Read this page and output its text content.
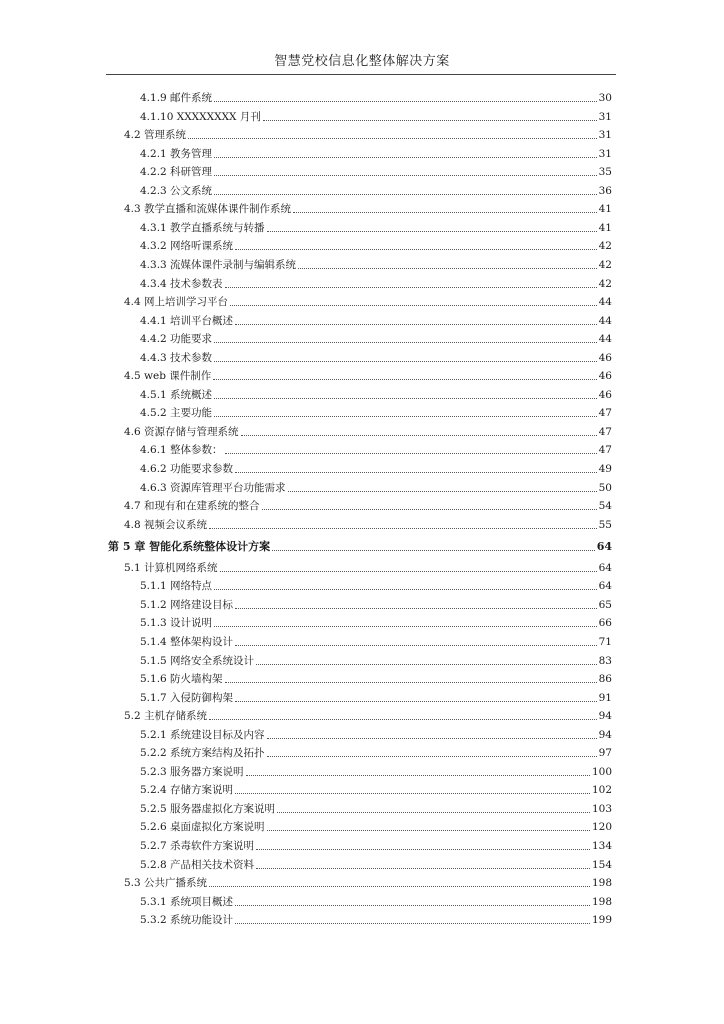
智慧党校信息化整体解决方案
4.1.9 邮件系统	30
4.1.10 XXXXXXXX 月刊	31
4.2 管理系统	31
4.2.1 教务管理	31
4.2.2 科研管理	35
4.2.3 公文系统	36
4.3 教学直播和流媒体课件制作系统	41
4.3.1 教学直播系统与转播	41
4.3.2 网络听课系统	42
4.3.3 流媒体课件录制与编辑系统	42
4.3.4 技术参数表	42
4.4 网上培训学习平台	44
4.4.1 培训平台概述	44
4.4.2 功能要求	44
4.4.3 技术参数	46
4.5 web 课件制作	46
4.5.1 系统概述	46
4.5.2 主要功能	47
4.6 资源存储与管理系统	47
4.6.1 整体参数：	47
4.6.2 功能要求参数	49
4.6.3 资源库管理平台功能需求	50
4.7 和现有和在建系统的整合	54
4.8 视频会议系统	55
第 5 章 智能化系统整体设计方案	64
5.1 计算机网络系统	64
5.1.1 网络特点	64
5.1.2 网络建设目标	65
5.1.3 设计说明	66
5.1.4 整体架构设计	71
5.1.5 网络安全系统设计	83
5.1.6 防火墙构架	86
5.1.7 入侵防御构架	91
5.2 主机存储系统	94
5.2.1 系统建设目标及内容	94
5.2.2 系统方案结构及拓扑	97
5.2.3 服务器方案说明	100
5.2.4 存储方案说明	102
5.2.5 服务器虚拟化方案说明	103
5.2.6 桌面虚拟化方案说明	120
5.2.7 杀毒软件方案说明	134
5.2.8 产品相关技术资料	154
5.3 公共广播系统	198
5.3.1 系统项目概述	198
5.3.2 系统功能设计	199
